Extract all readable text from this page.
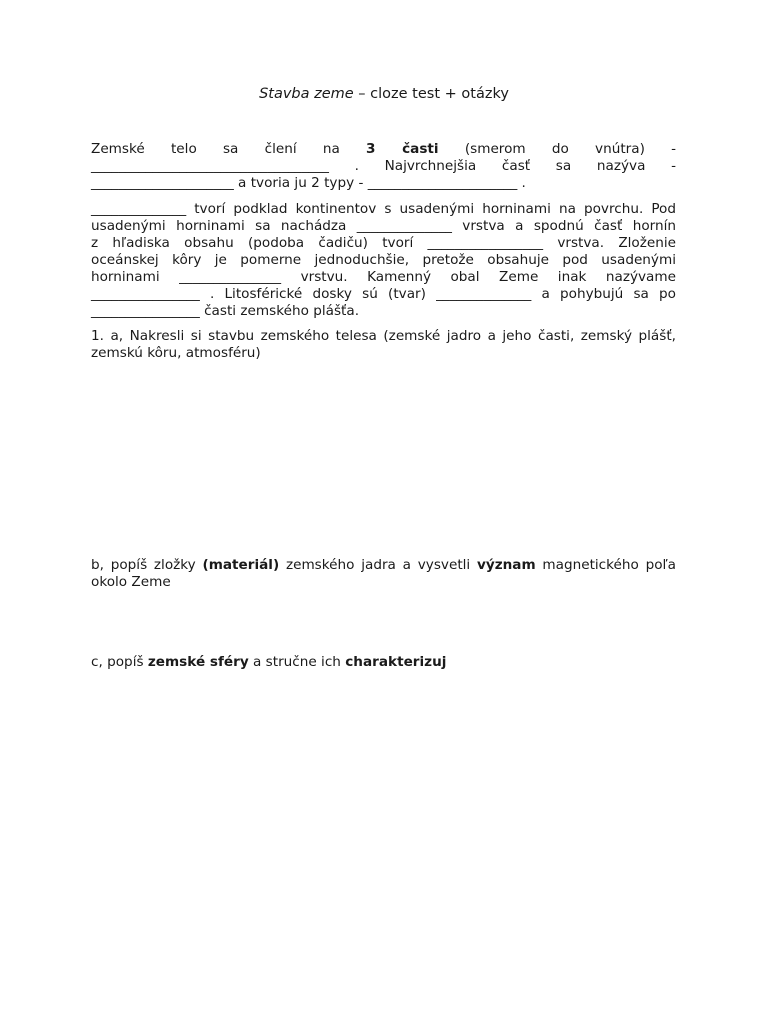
Stavba zeme – cloze test + otázky
Zemské telo sa člení na 3 časti (smerom do vnútra) -
___________________________________ . Najvrchnejšia časť sa nazýva -
_____________________ a tvoria ju 2 typy - ______________________ .
______________ tvorí podklad kontinentov s usadenými horninami na povrchu. Pod
usadenými horninami sa nachádza ______________ vrstva a spodnú časť hornín
z hľadiska obsahu (podoba čadiču) tvorí _________________ vrstva. Zloženie
oceánskej kôry je pomerne jednoduchšie, pretože obsahuje pod usadenými
horninami _______________ vrstvu. Kamenný obal Zeme inak nazývame
________________ . Litosférické dosky sú (tvar) ______________ a pohybujú sa po
________________ časti zemského plášťa.
1. a, Nakresli si stavbu zemského telesa (zemské jadro a jeho časti, zemský plášť, zemskú kôru, atmosféru)
b, popíš zložky (materiál) zemského jadra a vysvetli význam magnetického poľa okolo Zeme
c, popíš zemské sféry a stručne ich charakterizuj
